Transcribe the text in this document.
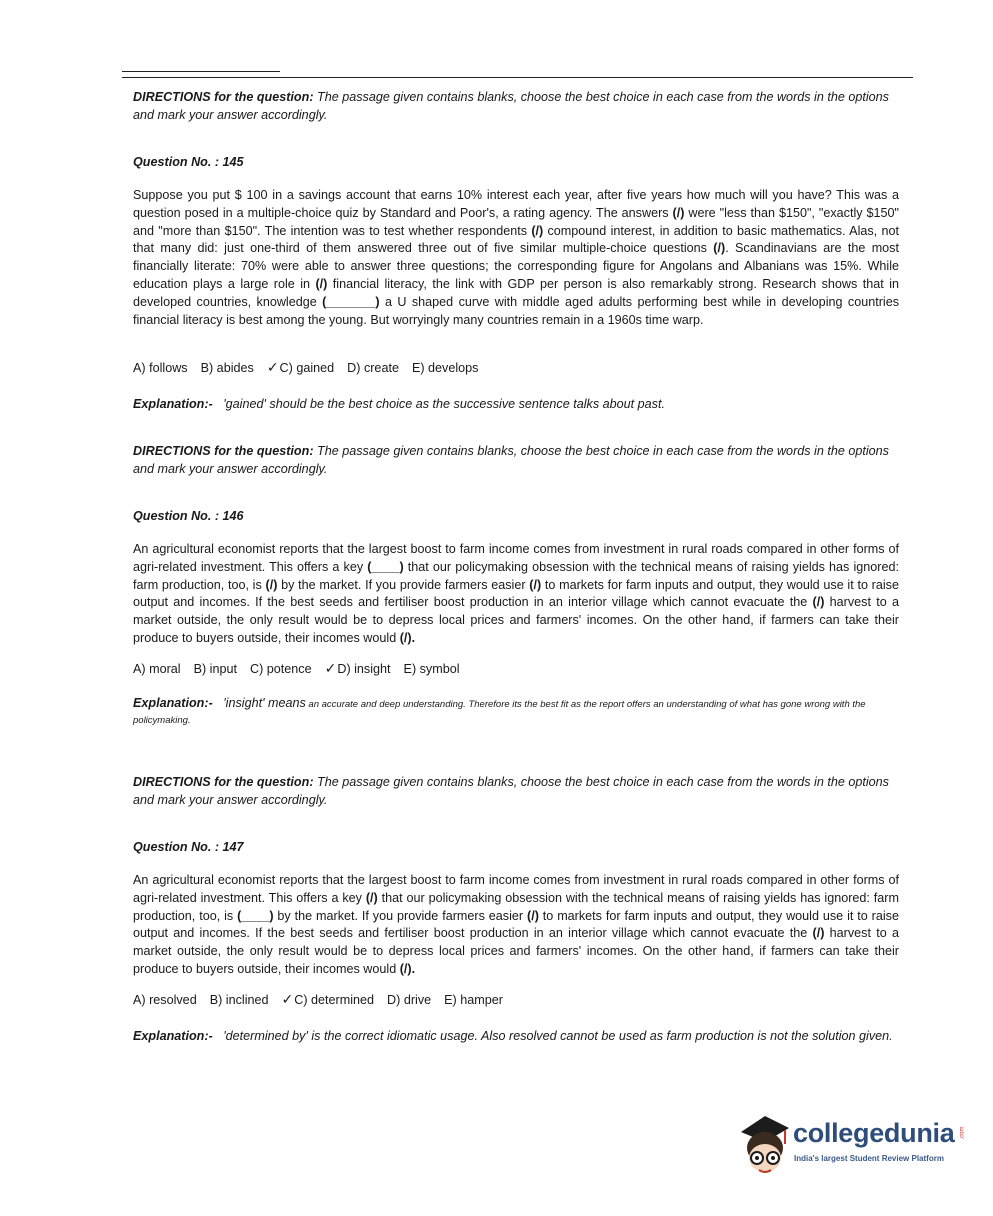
DIRECTIONS for the question: The passage given contains blanks, choose the best choice in each case from the words in the options and mark your answer accordingly.
Question No. : 145
Suppose you put $ 100 in a savings account that earns 10% interest each year, after five years how much will you have? This was a question posed in a multiple-choice quiz by Standard and Poor's, a rating agency. The answers (/) were "less than $150", "exactly $150" and "more than $150". The intention was to test whether respondents (/) compound interest, in addition to basic mathematics. Alas, not that many did: just one-third of them answered three out of five similar multiple-choice questions (/). Scandinavians are the most financially literate: 70% were able to answer three questions; the corresponding figure for Angolans and Albanians was 15%. While education plays a large role in (/) financial literacy, the link with GDP per person is also remarkably strong. Research shows that in developed countries, knowledge (_______) a U shaped curve with middle aged adults performing best while in developing countries financial literacy is best among the young. But worryingly many countries remain in a 1960s time warp.
A) follows B) abides ✓C) gained D) create E) develops
Explanation:- 'gained' should be the best choice as the successive sentence talks about past.
DIRECTIONS for the question: The passage given contains blanks, choose the best choice in each case from the words in the options and mark your answer accordingly.
Question No. : 146
An agricultural economist reports that the largest boost to farm income comes from investment in rural roads compared in other forms of agri-related investment. This offers a key (____) that our policymaking obsession with the technical means of raising yields has ignored: farm production, too, is (/) by the market. If you provide farmers easier (/) to markets for farm inputs and output, they would use it to raise output and incomes. If the best seeds and fertiliser boost production in an interior village which cannot evacuate the (/) harvest to a market outside, the only result would be to depress local prices and farmers' incomes. On the other hand, if farmers can take their produce to buyers outside, their incomes would (/).
A) moral B) input C) potence ✓D) insight E) symbol
Explanation:- 'insight' means an accurate and deep understanding. Therefore its the best fit as the report offers an understanding of what has gone wrong with the policymaking.
DIRECTIONS for the question: The passage given contains blanks, choose the best choice in each case from the words in the options and mark your answer accordingly.
Question No. : 147
An agricultural economist reports that the largest boost to farm income comes from investment in rural roads compared in other forms of agri-related investment. This offers a key (/) that our policymaking obsession with the technical means of raising yields has ignored: farm production, too, is (____) by the market. If you provide farmers easier (/) to markets for farm inputs and output, they would use it to raise output and incomes. If the best seeds and fertiliser boost production in an interior village which cannot evacuate the (/) harvest to a market outside, the only result would be to depress local prices and farmers' incomes. On the other hand, if farmers can take their produce to buyers outside, their incomes would (/).
A) resolved B) inclined ✓C) determined D) drive E) hamper
Explanation:- 'determined by' is the correct idiomatic usage. Also resolved cannot be used as farm production is not the solution given.
collegedunia .com
India's largest Student Review Platform
